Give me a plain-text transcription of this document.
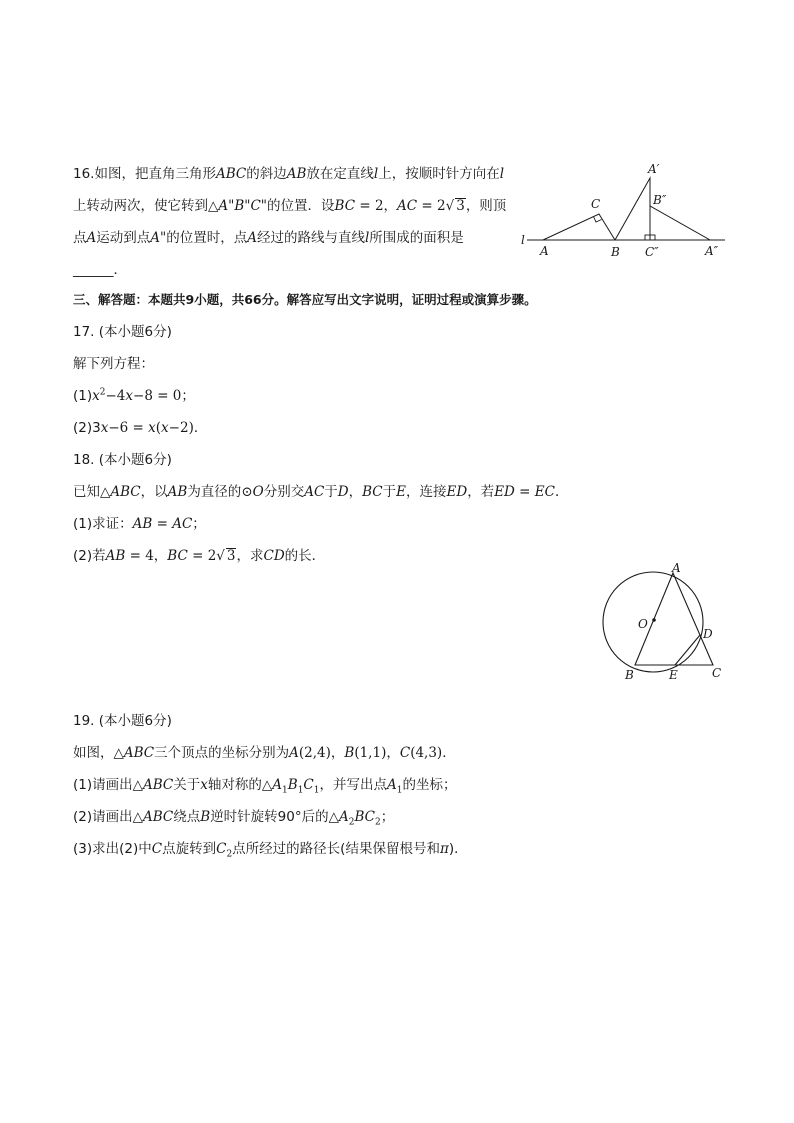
16.如图，把直角三角形ABC的斜边AB放在定直线l上，按顺时针方向在l
上转动两次，使它转到△A"B"C"的位置．设BC = 2，AC = 2√ 3，则顶
点A运动到点A"的位置时，点A经过的路线与直线l所围成的面积是
______．
l
A
C
B
A′
B″
C″	A″
三、解答题：本题共9小题，共66分。解答应写出文字说明，证明过程或演算步骤。
17. (本小题6分)
解下列方程：
$(1)x^2-4x-8 = 0$；
(2)3x−6 = x(x−2)．
18. (本小题6分)
已知△ABC，以AB为直径的⊙O分别交AC于D，BC于E，连接ED，若ED = EC．
(1)求证：AB = AC；
(2)若AB = 4，BC = 2√ 3，求CD的长．
A
O
D
B	E	C
19. (本小题6分)
如图，△ABC三个顶点的坐标分别为A(2,4)，B(1,1)，C(4,3)．
(1)请画出△ABC关于x轴对称的$\triangle A_1B_1C_1$，并写出点$A_1$的坐标；
(2)请画出△ABC绕点B逆时针旋转90°后的$\triangle A_2BC_2$；
(3)求出(2)中C点旋转到$C_2$点所经过的路径长(结果保留根号和π)．
